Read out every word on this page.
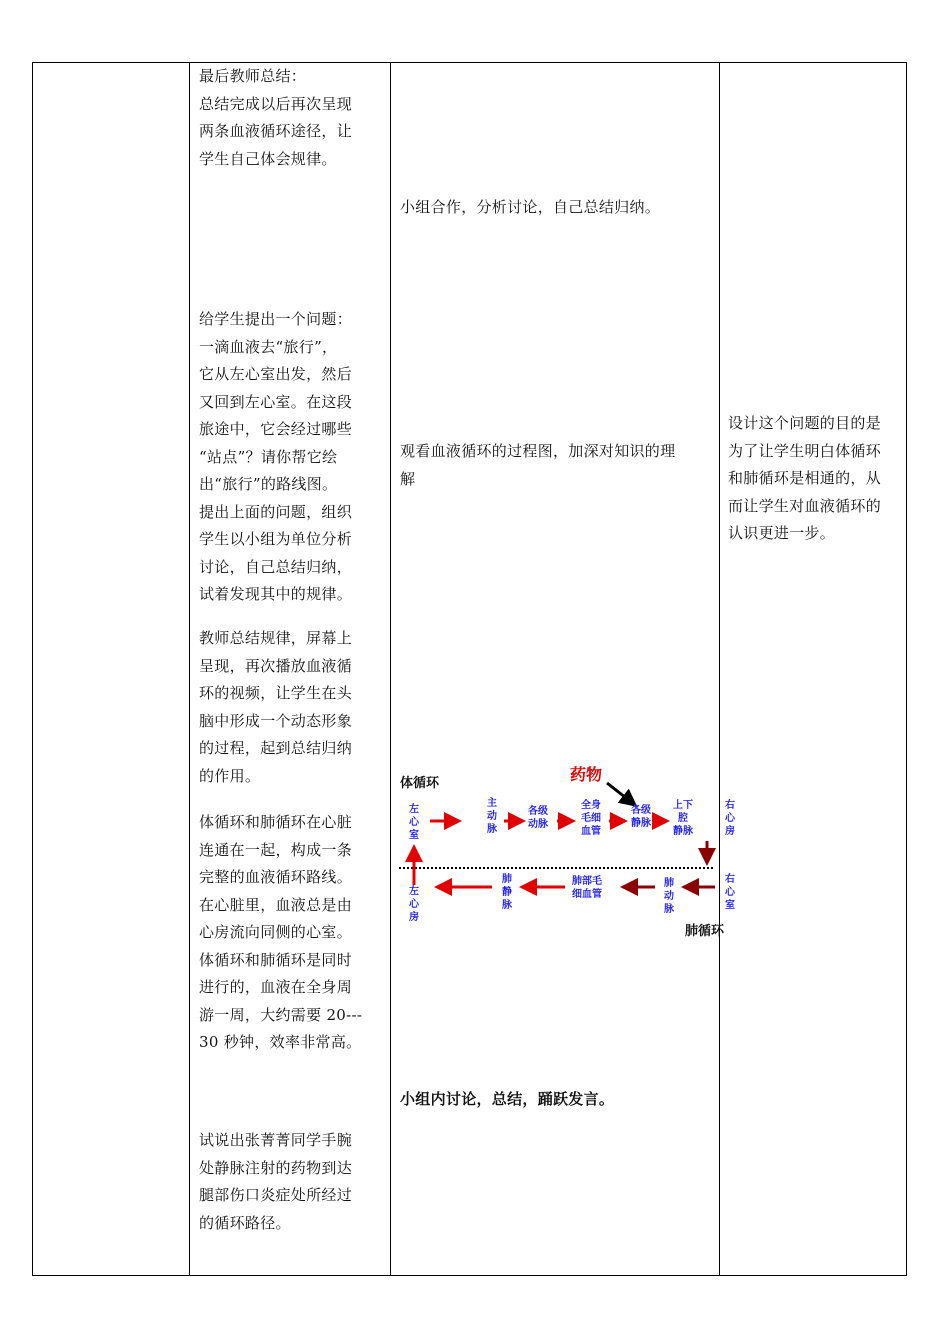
最后教师总结：
总结完成以后再次呈现
两条血液循环途径，让
学生自己体会规律。
给学生提出一个问题：
一滴血液去“旅行”，
它从左心室出发，然后
又回到左心室。在这段
旅途中，它会经过哪些
“站点”？请你帮它绘
出“旅行”的路线图。
提出上面的问题，组织
学生以小组为单位分析
讨论，自己总结归纳，
试着发现其中的规律。
教师总结规律，屏幕上
呈现，再次播放血液循
环的视频，让学生在头
脑中形成一个动态形象
的过程，起到总结归纳
的作用。
体循环和肺循环在心脏
连通在一起，构成一条
完整的血液循环路线。
在心脏里，血液总是由
心房流向同侧的心室。
体循环和肺循环是同时
进行的，血液在全身周
游一周，大约需要 20---
30 秒钟，效率非常高。
试说出张菁菁同学手腕
处静脉注射的药物到达
腿部伤口炎症处所经过
的循环路径。
小组合作，分析讨论，自己总结归纳。
观看血液循环的过程图，加深对知识的理
解
小组内讨论，总结，踊跃发言。
设计这个问题的目的是
为了让学生明白体循环
和肺循环是相通的，从
而让学生对血液循环的
认识更进一步。
体循环	药物
左心室
主动脉
各级动脉
全身毛细血管
各级静脉
上下腔静脉
右心房
左心房
肺静脉
肺部毛细血管
肺动脉
右心室
肺循环
